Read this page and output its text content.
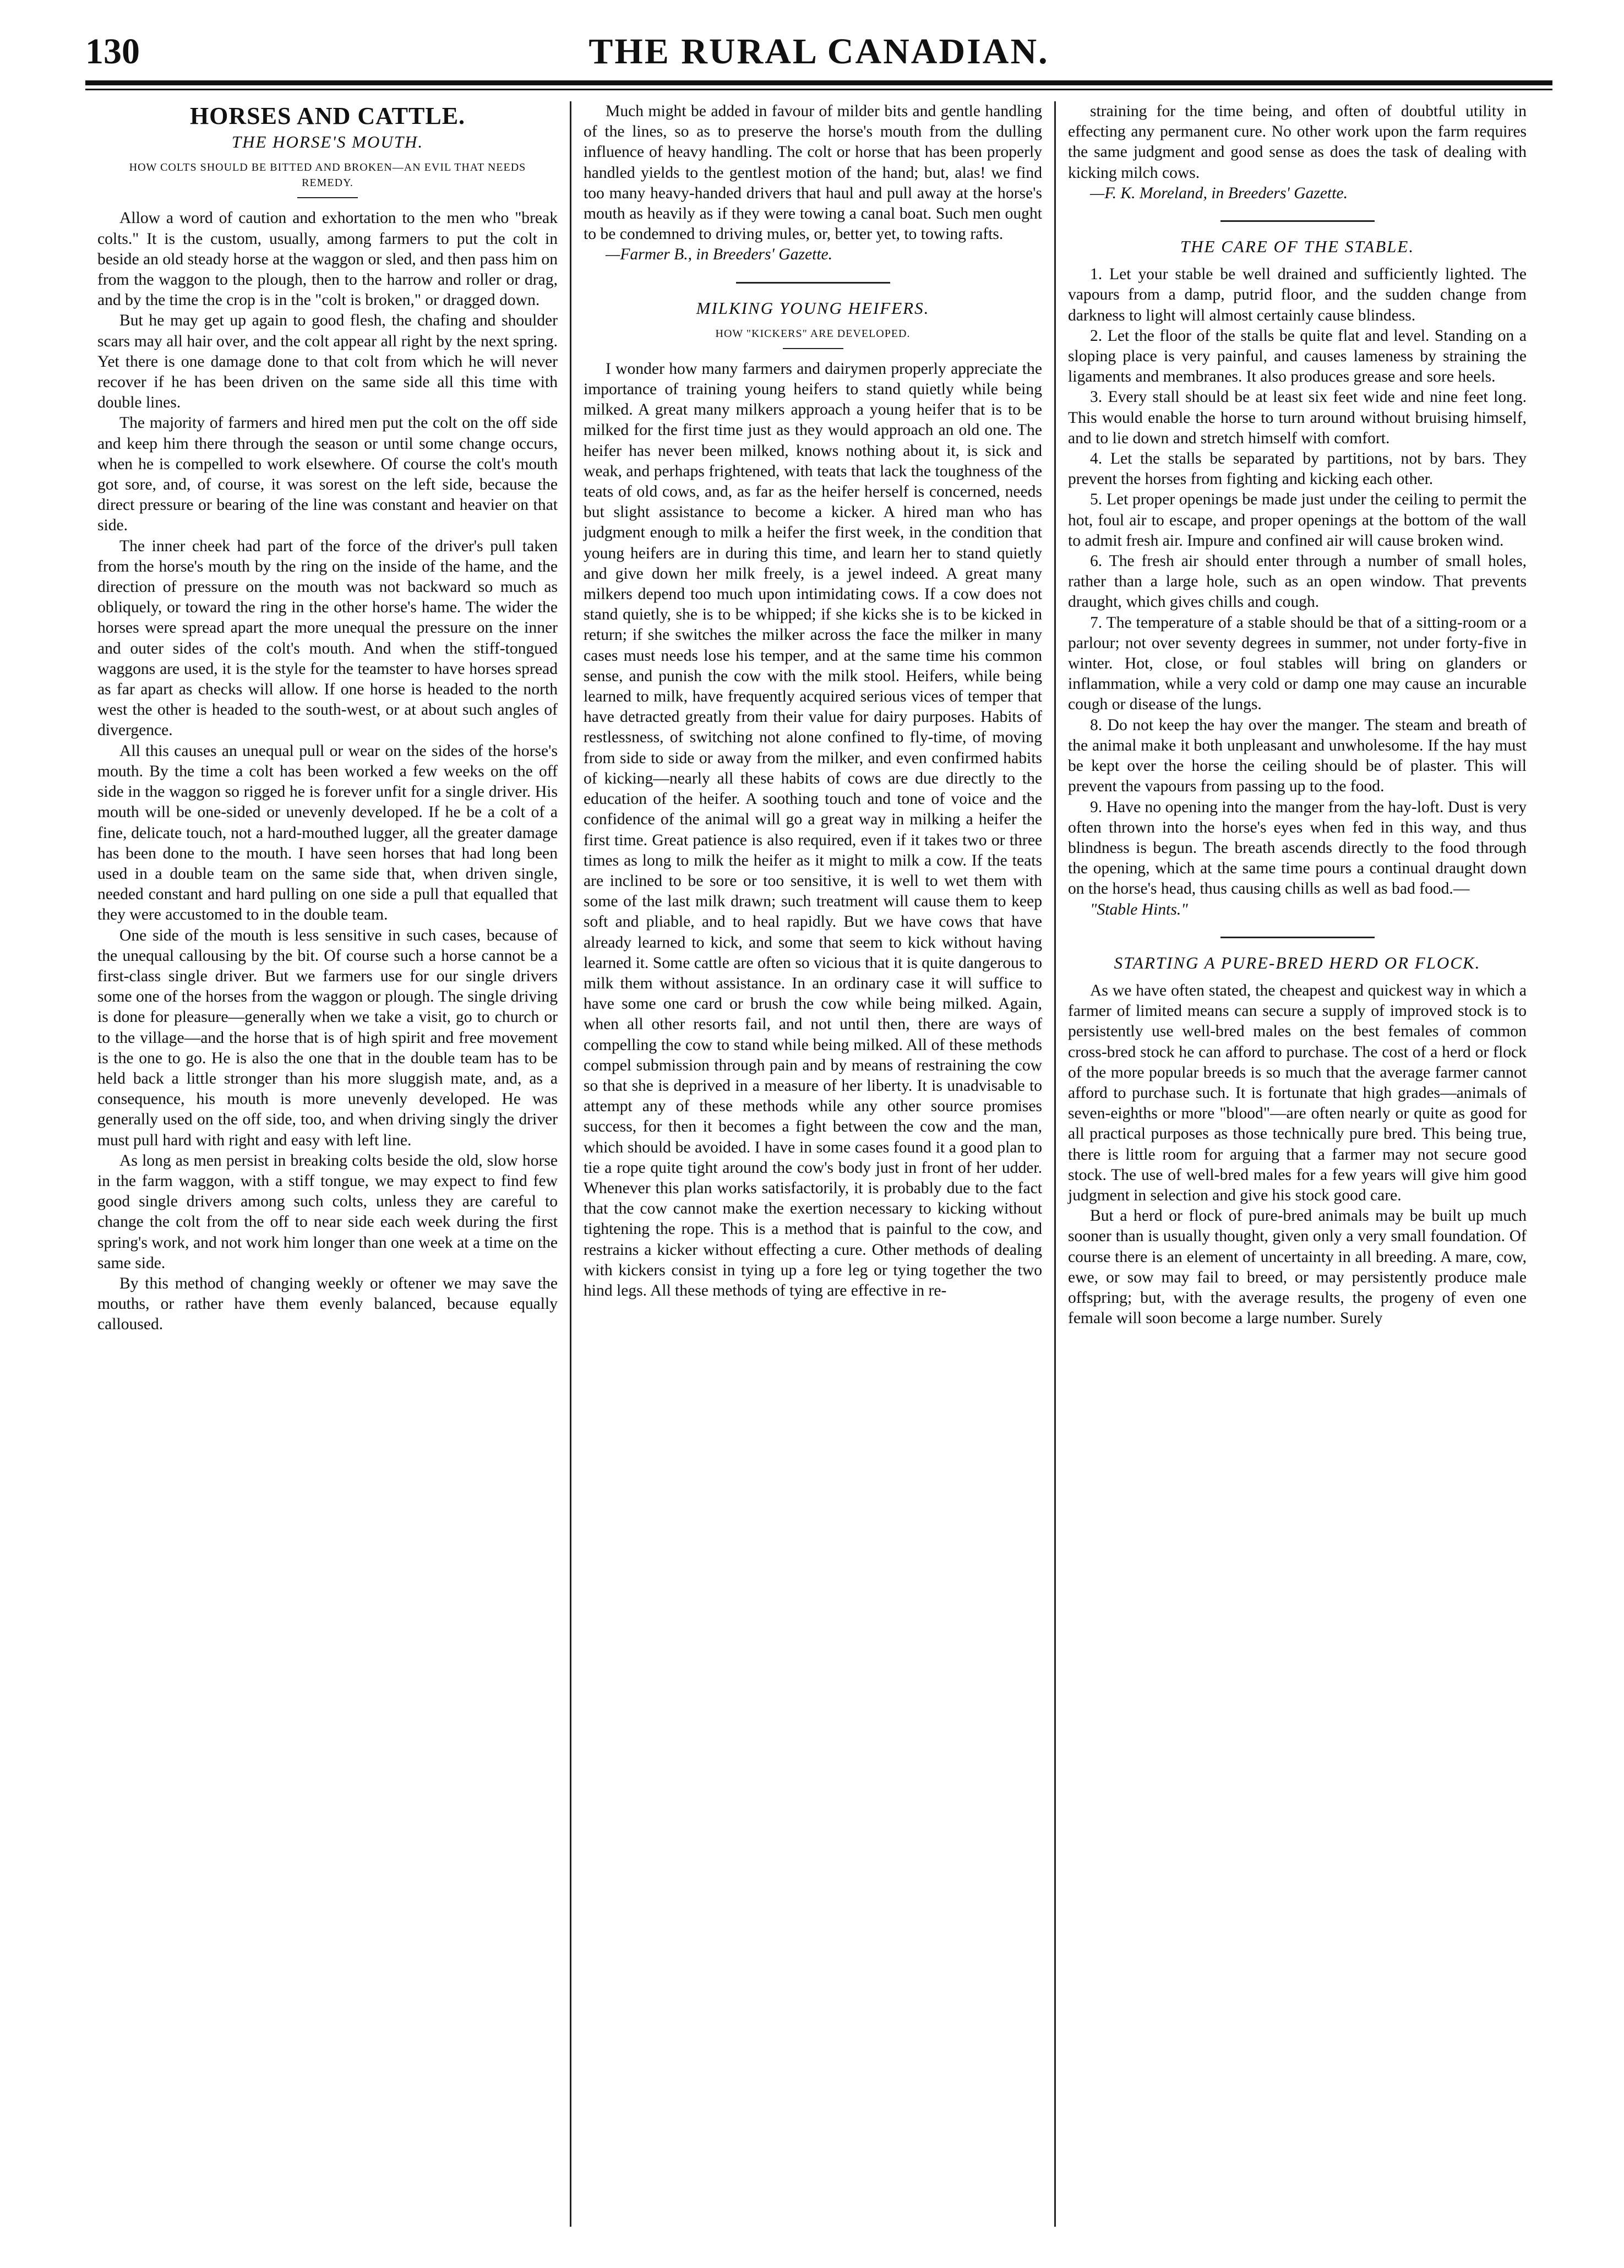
130	THE RURAL CANADIAN.
HORSES AND CATTLE.
THE HORSE'S MOUTH.
HOW COLTS SHOULD BE BITTED AND BROKEN—AN EVIL THAT NEEDS REMEDY.

Allow a word of caution and exhortation to the men who "break colts." It is the custom, usually, among farmers to put the colt in beside an old steady horse at the waggon or sled, and then pass him on from the waggon to the plough, then to the harrow and roller or drag, and by the time the crop is in the "colt is broken," or dragged down.

But he may get up again to good flesh, the chafing and shoulder scars may all hair over, and the colt appear all right by the next spring. Yet there is one damage done to that colt from which he will never recover if he has been driven on the same side all this time with double lines.

The majority of farmers and hired men put the colt on the off side and keep him there through the season or until some change occurs, when he is compelled to work elsewhere. Of course the colt's mouth got sore, and, of course, it was sorest on the left side, because the direct pressure or bearing of the line was constant and heavier on that side.

The inner cheek had part of the force of the driver's pull taken from the horse's mouth by the ring on the inside of the hame, and the direction of pressure on the mouth was not backward so much as obliquely, or toward the ring in the other horse's hame. The wider the horses were spread apart the more unequal the pressure on the inner and outer sides of the colt's mouth. And when the stiff-tongued waggons are used, it is the style for the teamster to have horses spread as far apart as checks will allow. If one horse is headed to the north west the other is headed to the south-west, or at about such angles of divergence.

All this causes an unequal pull or wear on the sides of the horse's mouth. By the time a colt has been worked a few weeks on the off side in the waggon so rigged he is forever unfit for a single driver. His mouth will be one-sided or unevenly developed. If he be a colt of a fine, delicate touch, not a hard-mouthed lugger, all the greater damage has been done to the mouth. I have seen horses that had long been used in a double team on the same side that, when driven single, needed constant and hard pulling on one side a pull that equalled that they were accustomed to in the double team.

One side of the mouth is less sensitive in such cases, because of the unequal callousing by the bit. Of course such a horse cannot be a first-class single driver. But we farmers use for our single drivers some one of the horses from the waggon or plough. The single driving is done for pleasure—generally when we take a visit, go to church or to the village—and the horse that is of high spirit and free movement is the one to go. He is also the one that in the double team has to be held back a little stronger than his more sluggish mate, and, as a consequence, his mouth is more unevenly developed. He was generally used on the off side, too, and when driving singly the driver must pull hard with right and easy with left line.

As long as men persist in breaking colts beside the old, slow horse in the farm waggon, with a stiff tongue, we may expect to find few good single drivers among such colts, unless they are careful to change the colt from the off to near side each week during the first spring's work, and not work him longer than one week at a time on the same side.

By this method of changing weekly or oftener we may save the mouths, or rather have them evenly balanced, because equally calloused.

Much might be added in favour of milder bits and gentle handling of the lines, so as to preserve the horse's mouth from the dulling influence of heavy handling. The colt or horse that has been properly handled yields to the gentlest motion of the hand; but, alas! we find too many heavy-handed drivers that haul and pull away at the horse's mouth as heavily as if they were towing a canal boat. Such men ought to be condemned to driving mules, or, better yet, to towing rafts.

—Farmer B., in Breeders' Gazette.

MILKING YOUNG HEIFERS.
HOW "KICKERS" ARE DEVELOPED.

I wonder how many farmers and dairymen properly appreciate the importance of training young heifers to stand quietly while being milked. A great many milkers approach a young heifer that is to be milked for the first time just as they would approach an old one. The heifer has never been milked, knows nothing about it, is sick and weak, and perhaps frightened, with teats that lack the toughness of the teats of old cows, and, as far as the heifer herself is concerned, needs but slight assistance to become a kicker. A hired man who has judgment enough to milk a heifer the first week, in the condition that young heifers are in during this time, and learn her to stand quietly and give down her milk freely, is a jewel indeed. A great many milkers depend too much upon intimidating cows. If a cow does not stand quietly, she is to be whipped; if she kicks she is to be kicked in return; if she switches the milker across the face the milker in many cases must needs lose his temper, and at the same time his common sense, and punish the cow with the milk stool. Heifers, while being learned to milk, have frequently acquired serious vices of temper that have detracted greatly from their value for dairy purposes. Habits of restlessness, of switching not alone confined to fly-time, of moving from side to side or away from the milker, and even confirmed habits of kicking—nearly all these habits of cows are due directly to the education of the heifer. A soothing touch and tone of voice and the confidence of the animal will go a great way in milking a heifer the first time. Great patience is also required, even if it takes two or three times as long to milk the heifer as it might to milk a cow. If the teats are inclined to be sore or too sensitive, it is well to wet them with some of the last milk drawn; such treatment will cause them to keep soft and pliable, and to heal rapidly. But we have cows that have already learned to kick, and some that seem to kick without having learned it. Some cattle are often so vicious that it is quite dangerous to milk them without assistance. In an ordinary case it will suffice to have some one card or brush the cow while being milked. Again, when all other resorts fail, and not until then, there are ways of compelling the cow to stand while being milked. All of these methods compel submission through pain and by means of restraining the cow so that she is deprived in a measure of her liberty. It is unadvisable to attempt any of these methods while any other source promises success, for then it becomes a fight between the cow and the man, which should be avoided. I have in some cases found it a good plan to tie a rope quite tight around the cow's body just in front of her udder. Whenever this plan works satisfactorily, it is probably due to the fact that the cow cannot make the exertion necessary to kicking without tightening the rope. This is a method that is painful to the cow, and restrains a kicker without effecting a cure. Other methods of dealing with kickers consist in tying up a fore leg or tying together the two hind legs. All these methods of tying are effective in re-

straining for the time being, and often of doubtful utility in effecting any permanent cure. No other work upon the farm requires the same judgment and good sense as does the task of dealing with kicking milch cows.

—F. K. Moreland, in Breeders' Gazette.

THE CARE OF THE STABLE.

1. Let your stable be well drained and sufficiently lighted. The vapours from a damp, putrid floor, and the sudden change from darkness to light will almost certainly cause blindess.

2. Let the floor of the stalls be quite flat and level. Standing on a sloping place is very painful, and causes lameness by straining the ligaments and membranes. It also produces grease and sore heels.

3. Every stall should be at least six feet wide and nine feet long. This would enable the horse to turn around without bruising himself, and to lie down and stretch himself with comfort.

4. Let the stalls be separated by partitions, not by bars. They prevent the horses from fighting and kicking each other.

5. Let proper openings be made just under the ceiling to permit the hot, foul air to escape, and proper openings at the bottom of the wall to admit fresh air. Impure and confined air will cause broken wind.

6. The fresh air should enter through a number of small holes, rather than a large hole, such as an open window. That prevents draught, which gives chills and cough.

7. The temperature of a stable should be that of a sitting-room or a parlour; not over seventy degrees in summer, not under forty-five in winter. Hot, close, or foul stables will bring on glanders or inflammation, while a very cold or damp one may cause an incurable cough or disease of the lungs.

8. Do not keep the hay over the manger. The steam and breath of the animal make it both unpleasant and unwholesome. If the hay must be kept over the horse the ceiling should be of plaster. This will prevent the vapours from passing up to the food.

9. Have no opening into the manger from the hay-loft. Dust is very often thrown into the horse's eyes when fed in this way, and thus blindness is begun. The breath ascends directly to the food through the opening, which at the same time pours a continual draught down on the horse's head, thus causing chills as well as bad food.—

"Stable Hints."

STARTING A PURE-BRED HERD OR FLOCK.

As we have often stated, the cheapest and quickest way in which a farmer of limited means can secure a supply of improved stock is to persistently use well-bred males on the best females of common cross-bred stock he can afford to purchase. The cost of a herd or flock of the more popular breeds is so much that the average farmer cannot afford to purchase such. It is fortunate that high grades—animals of seven-eighths or more "blood"—are often nearly or quite as good for all practical purposes as those technically pure bred. This being true, there is little room for arguing that a farmer may not secure good stock. The use of well-bred males for a few years will give him good judgment in selection and give his stock good care.

But a herd or flock of pure-bred animals may be built up much sooner than is usually thought, given only a very small foundation. Of course there is an element of uncertainty in all breeding. A mare, cow, ewe, or sow may fail to breed, or may persistently produce male offspring; but, with the average results, the progeny of even one female will soon become a large number. Surely
